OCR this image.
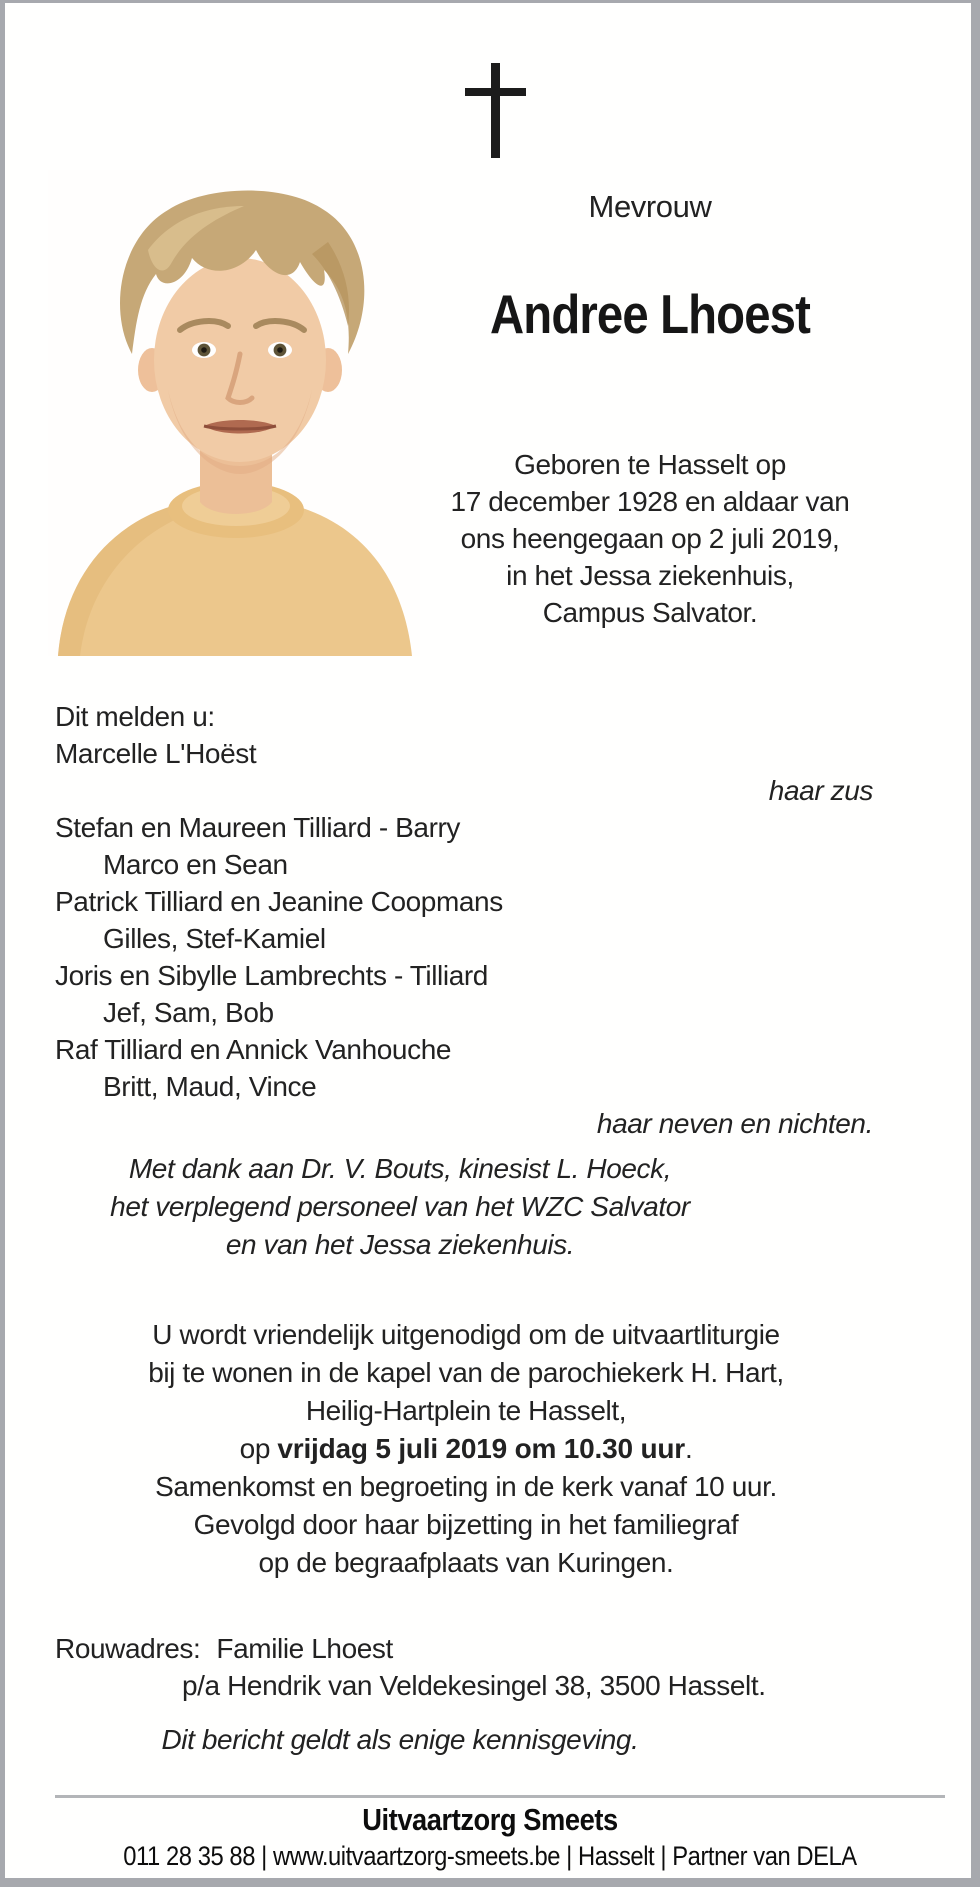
Mevrouw
Andree Lhoest
Geboren te Hasselt op
17 december 1928 en aldaar van
ons heengegaan op 2 juli 2019,
in het Jessa ziekenhuis,
Campus Salvator.
Dit melden u:
Marcelle L'Hoëst
haar zus
Stefan en Maureen Tilliard - Barry
Marco en Sean
Patrick Tilliard en Jeanine Coopmans
Gilles, Stef-Kamiel
Joris en Sibylle Lambrechts - Tilliard
Jef, Sam, Bob
Raf Tilliard en Annick Vanhouche
Britt, Maud, Vince
haar neven en nichten.
Met dank aan Dr. V. Bouts, kinesist L. Hoeck,
het verplegend personeel van het WZC Salvator
en van het Jessa ziekenhuis.
U wordt vriendelijk uitgenodigd om de uitvaartliturgie
bij te wonen in de kapel van de parochiekerk H. Hart,
Heilig-Hartplein te Hasselt,
op vrijdag 5 juli 2019 om 10.30 uur.
Samenkomst en begroeting in de kerk vanaf 10 uur.
Gevolgd door haar bijzetting in het familiegraf
op de begraafplaats van Kuringen.
Rouwadres: Familie Lhoest
p/a Hendrik van Veldekesingel 38, 3500 Hasselt.
Dit bericht geldt als enige kennisgeving.
Uitvaartzorg Smeets
011 28 35 88 | www.uitvaartzorg-smeets.be | Hasselt | Partner van DELA
